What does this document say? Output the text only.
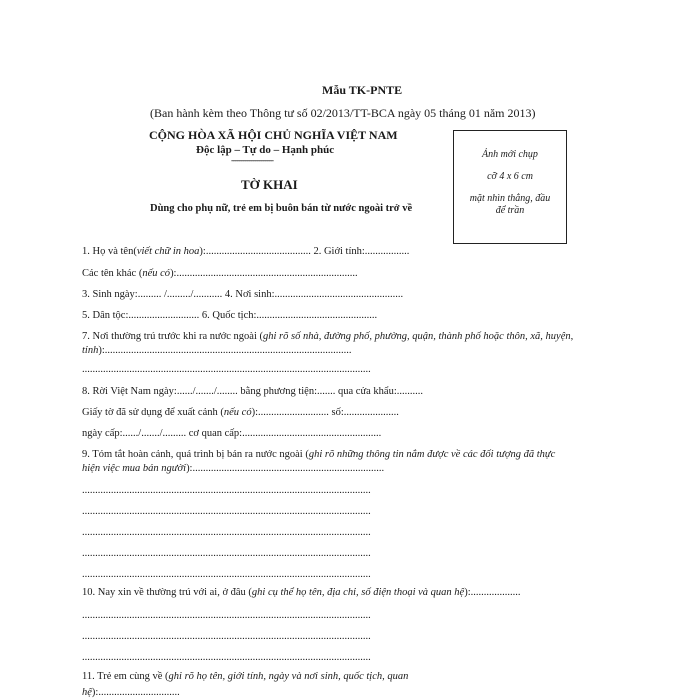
Mẫu TK-PNTE
(Ban hành kèm theo Thông tư số 02/2013/TT-BCA ngày 05 tháng 01 năm 2013)
CỘNG HÒA XÃ HỘI CHỦ NGHĨA VIỆT NAM
Độc lập – Tự do – Hạnh phúc
---------------------
TỜ KHAI
Dùng cho phụ nữ, trẻ em bị buôn bán từ nước ngoài trở về
Ảnh mới chụp
cỡ 4 x 6 cm
mặt nhìn thẳng, đầu
để trần
1. Họ và tên(viết chữ in hoa):........................................ 2. Giới tính:.................
Các tên khác (nếu có):.....................................................................
3. Sinh ngày:......... /........./........... 4. Nơi sinh:.................................................
5. Dân tộc:........................... 6. Quốc tịch:..............................................
7. Nơi thường trú trước khi ra nước ngoài (ghi rõ số nhà, đường phố, phường, quận, thành phố hoặc thôn, xã, huyện,
tỉnh):..............................................................................................
..............................................................................................................
8. Rời Việt Nam ngày:....../......./........ bằng phương tiện:....... qua cửa khẩu:..........
Giấy tờ đã sử dụng để xuất cảnh (nếu có):........................... số:.....................
ngày cấp:....../......./......... cơ quan cấp:.....................................................
9. Tóm tắt hoàn cảnh, quá trình bị bán ra nước ngoài (ghi rõ những thông tin nắm được về các đối tượng đã thực
hiện việc mua bán người):.........................................................................
..............................................................................................................
..............................................................................................................
..............................................................................................................
..............................................................................................................
..............................................................................................................
10. Nay xin về thường trú với ai, ở đâu (ghi cụ thể họ tên, địa chỉ, số điện thoại và quan hệ):...................
..............................................................................................................
..............................................................................................................
..............................................................................................................
11. Trẻ em cùng về (ghi rõ họ tên, giới tính, ngày và nơi sinh, quốc tịch, quan
hệ):...............................
